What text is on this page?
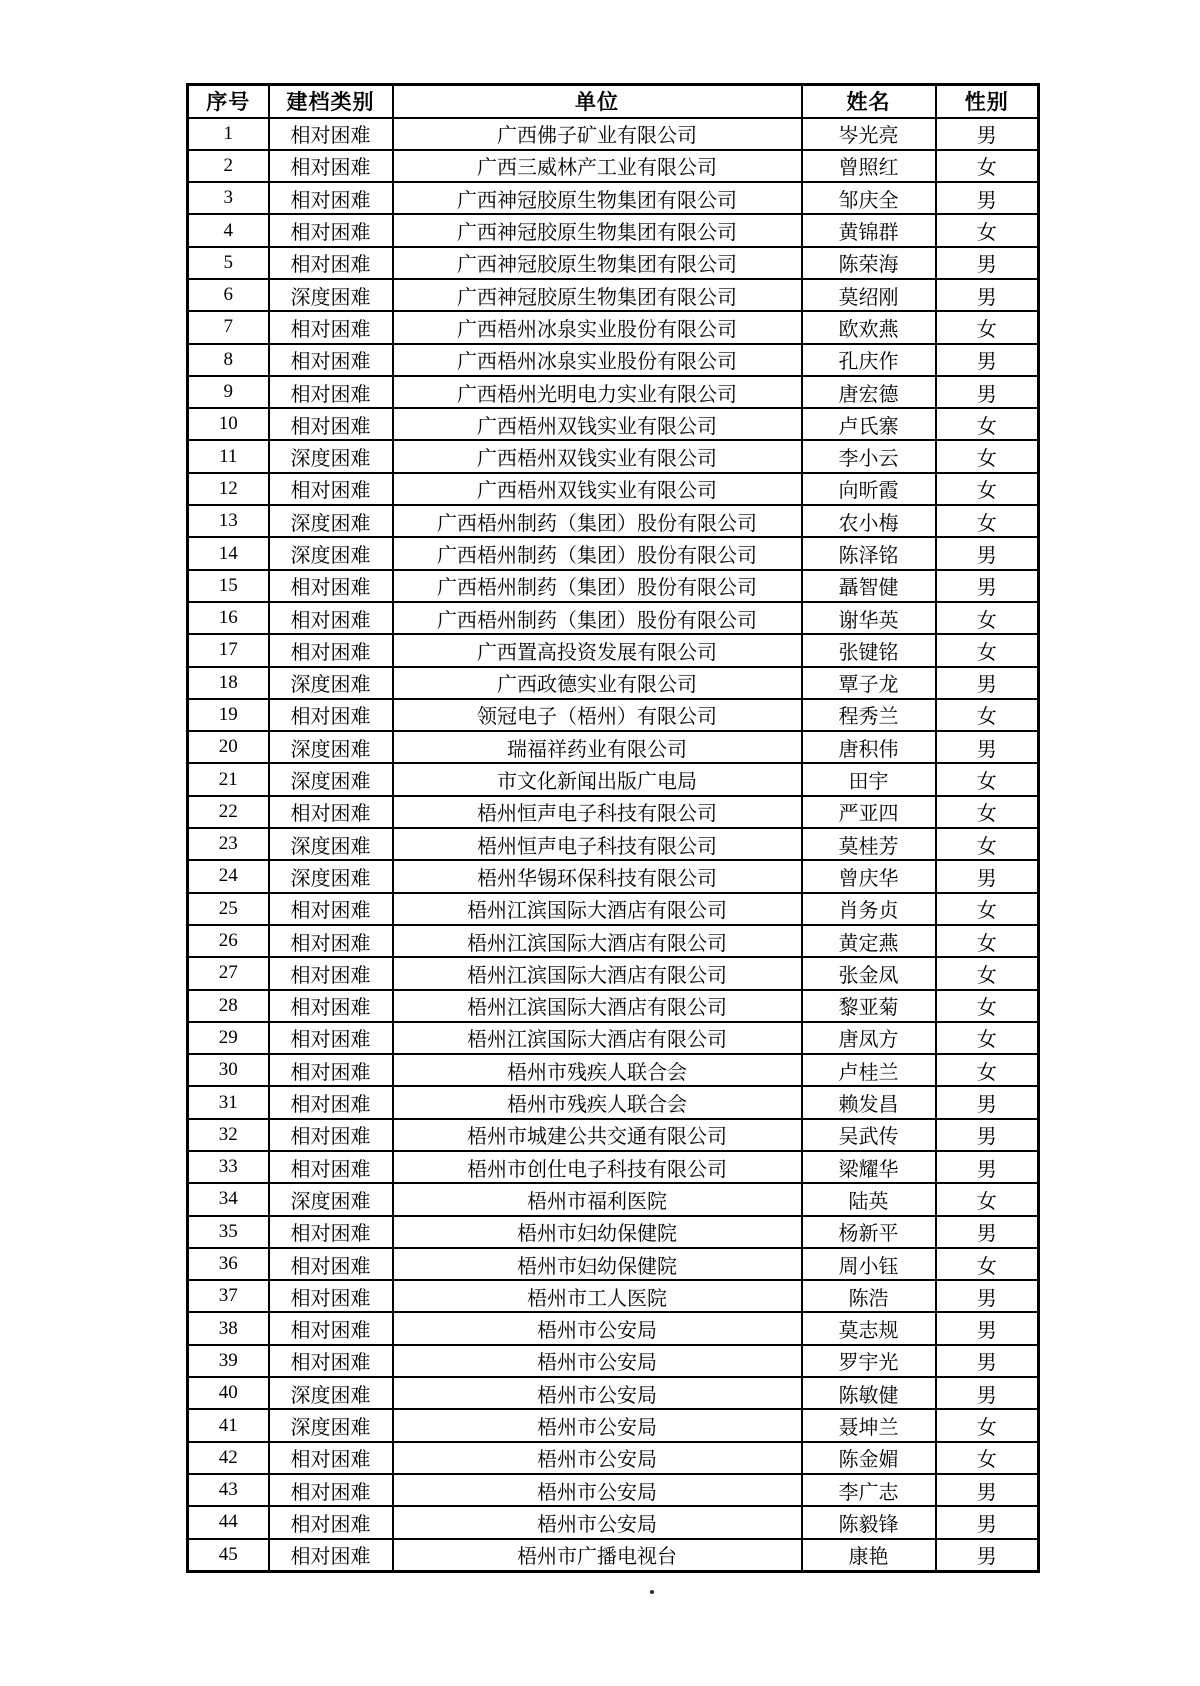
序号	建档类别	单位	姓名	性别
1	相对困难	广西佛子矿业有限公司	岑光亮	男
2	相对困难	广西三威林产工业有限公司	曾照红	女
3	相对困难	广西神冠胶原生物集团有限公司	邹庆全	男
4	相对困难	广西神冠胶原生物集团有限公司	黄锦群	女
5	相对困难	广西神冠胶原生物集团有限公司	陈荣海	男
6	深度困难	广西神冠胶原生物集团有限公司	莫绍刚	男
7	相对困难	广西梧州冰泉实业股份有限公司	欧欢燕	女
8	相对困难	广西梧州冰泉实业股份有限公司	孔庆作	男
9	相对困难	广西梧州光明电力实业有限公司	唐宏德	男
10	相对困难	广西梧州双钱实业有限公司	卢氏寨	女
11	深度困难	广西梧州双钱实业有限公司	李小云	女
12	相对困难	广西梧州双钱实业有限公司	向昕霞	女
13	深度困难	广西梧州制药（集团）股份有限公司	农小梅	女
14	深度困难	广西梧州制药（集团）股份有限公司	陈泽铭	男
15	相对困难	广西梧州制药（集团）股份有限公司	聶智健	男
16	相对困难	广西梧州制药（集团）股份有限公司	谢华英	女
17	相对困难	广西置高投资发展有限公司	张键铭	女
18	深度困难	广西政德实业有限公司	覃子龙	男
19	相对困难	领冠电子（梧州）有限公司	程秀兰	女
20	深度困难	瑞福祥药业有限公司	唐积伟	男
21	深度困难	市文化新闻出版广电局	田宇	女
22	相对困难	梧州恒声电子科技有限公司	严亚四	女
23	深度困难	梧州恒声电子科技有限公司	莫桂芳	女
24	深度困难	梧州华锡环保科技有限公司	曾庆华	男
25	相对困难	梧州江滨国际大酒店有限公司	肖务贞	女
26	相对困难	梧州江滨国际大酒店有限公司	黄定燕	女
27	相对困难	梧州江滨国际大酒店有限公司	张金凤	女
28	相对困难	梧州江滨国际大酒店有限公司	黎亚菊	女
29	相对困难	梧州江滨国际大酒店有限公司	唐凤方	女
30	相对困难	梧州市残疾人联合会	卢桂兰	女
31	相对困难	梧州市残疾人联合会	赖发昌	男
32	相对困难	梧州市城建公共交通有限公司	吴武传	男
33	相对困难	梧州市创仕电子科技有限公司	梁耀华	男
34	深度困难	梧州市福利医院	陆英	女
35	相对困难	梧州市妇幼保健院	杨新平	男
36	相对困难	梧州市妇幼保健院	周小钰	女
37	相对困难	梧州市工人医院	陈浩	男
38	相对困难	梧州市公安局	莫志规	男
39	相对困难	梧州市公安局	罗宇光	男
40	深度困难	梧州市公安局	陈敏健	男
41	深度困难	梧州市公安局	聂坤兰	女
42	相对困难	梧州市公安局	陈金媚	女
43	相对困难	梧州市公安局	李广志	男
44	相对困难	梧州市公安局	陈毅锋	男
45	相对困难	梧州市广播电视台	康艳	男
